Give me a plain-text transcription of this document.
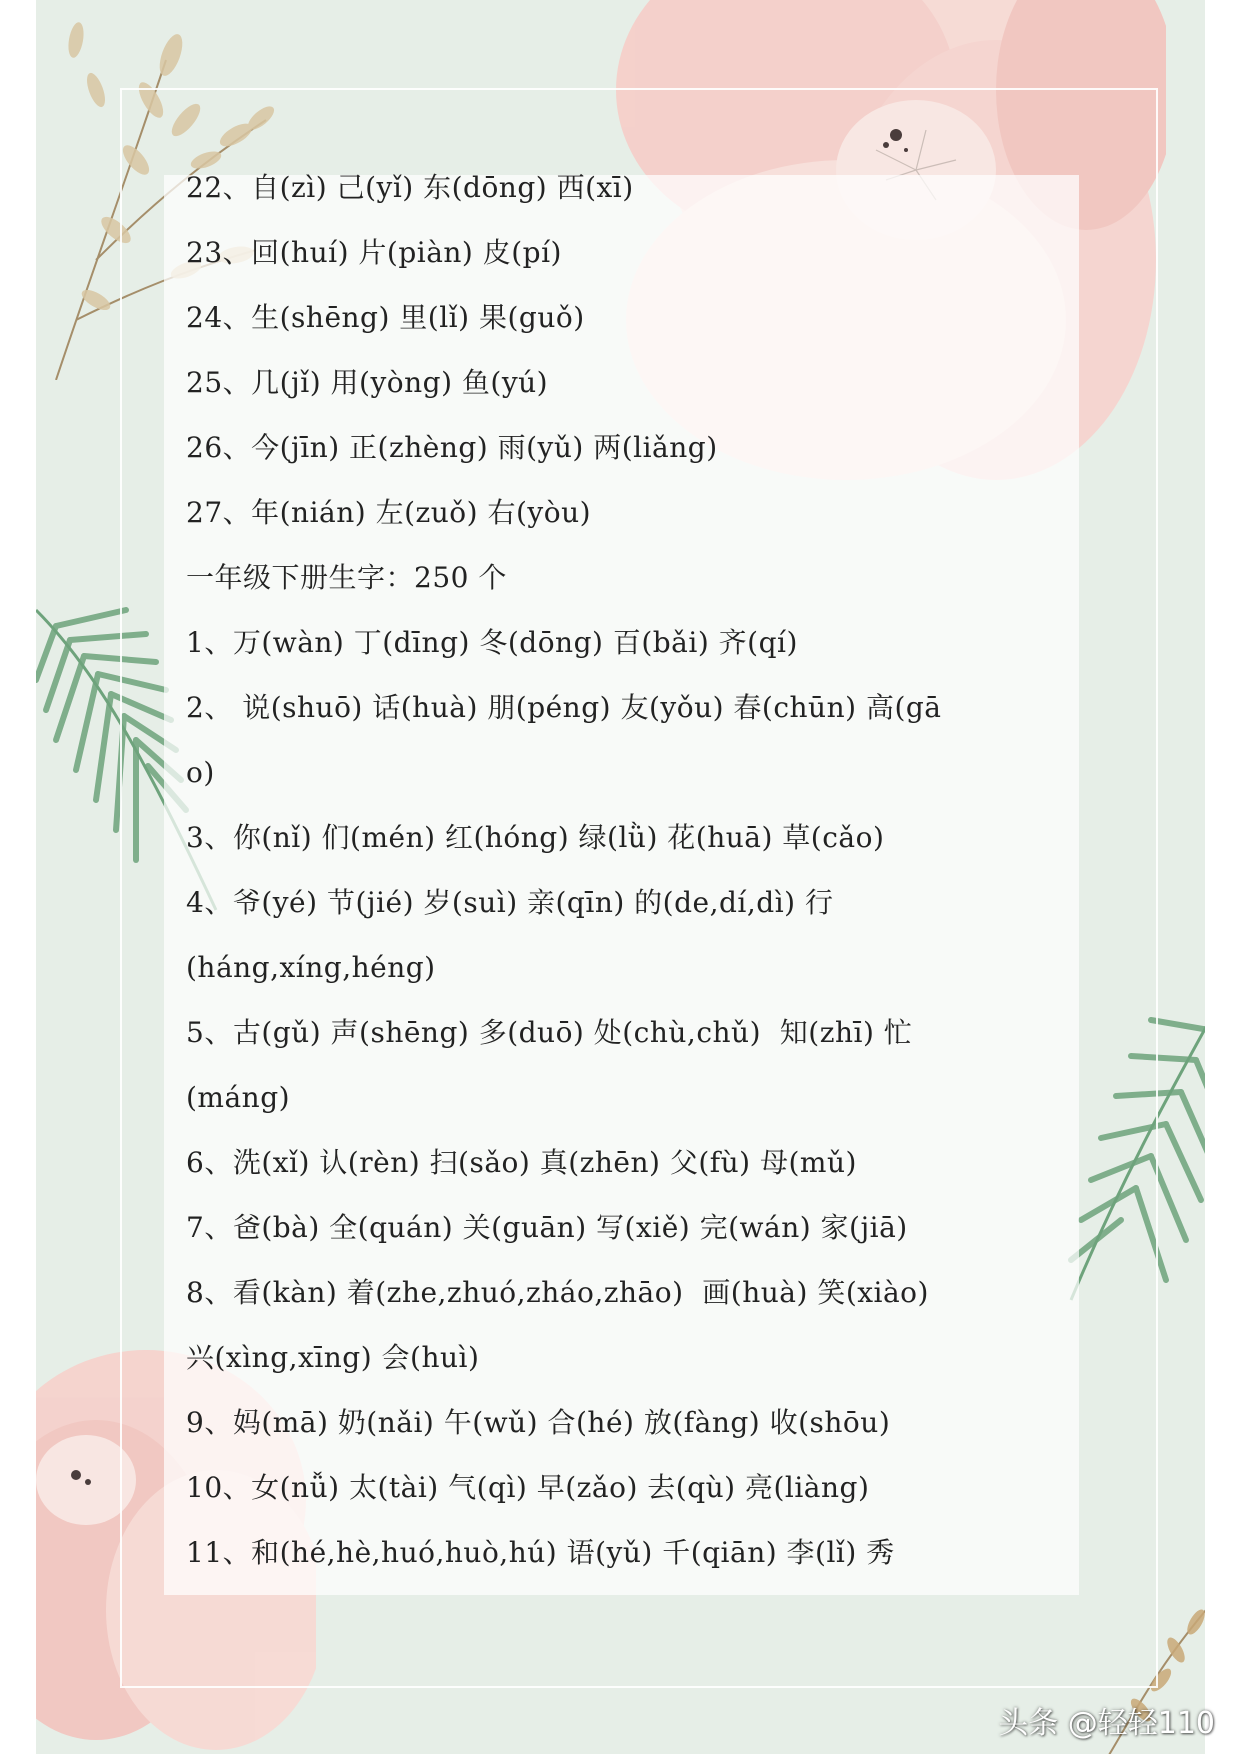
22、自(zì) 己(yǐ) 东(dōng) 西(xī)
23、回(huí) 片(piàn) 皮(pí)
24、生(shēng) 里(lǐ) 果(guǒ)
25、几(jǐ) 用(yòng) 鱼(yú)
26、今(jīn) 正(zhèng) 雨(yǔ) 两(liǎng)
27、年(nián) 左(zuǒ) 右(yòu)
一年级下册生字：250 个
1、万(wàn) 丁(dīng) 冬(dōng) 百(bǎi) 齐(qí)
2、 说(shuō) 话(huà) 朋(péng) 友(yǒu) 春(chūn) 高(gā
o)
3、你(nǐ) 们(mén) 红(hóng) 绿(lǜ) 花(huā) 草(cǎo)
4、爷(yé) 节(jié) 岁(suì) 亲(qīn) 的(de,dí,dì) 行
(háng,xíng,héng)
5、古(gǔ) 声(shēng) 多(duō) 处(chù,chǔ)  知(zhī) 忙
(máng)
6、洗(xǐ) 认(rèn) 扫(sǎo) 真(zhēn) 父(fù) 母(mǔ)
7、爸(bà) 全(quán) 关(guān) 写(xiě) 完(wán) 家(jiā)
8、看(kàn) 着(zhe,zhuó,zháo,zhāo)  画(huà) 笑(xiào)
兴(xìng,xīng) 会(huì)
9、妈(mā) 奶(nǎi) 午(wǔ) 合(hé) 放(fàng) 收(shōu)
10、女(nǚ) 太(tài) 气(qì) 早(zǎo) 去(qù) 亮(liàng)
11、和(hé,hè,huó,huò,hú) 语(yǔ) 千(qiān) 李(lǐ) 秀
头条 @轻轻110
